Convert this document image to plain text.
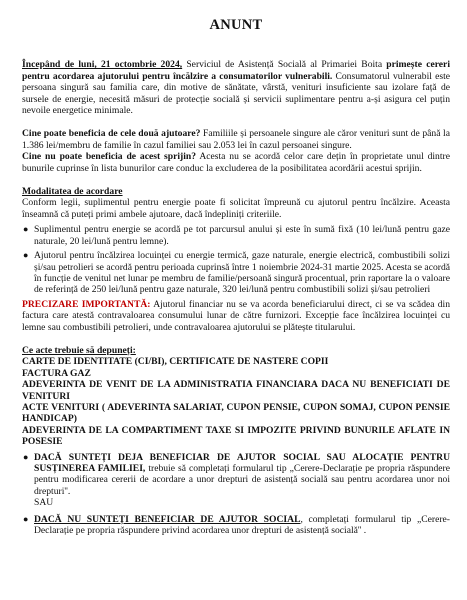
ANUNT

Începând de luni, 21 octombrie 2024, Serviciul de Asistență Socială al Primariei Boita primește cereri pentru acordarea ajutorului pentru încălzire a consumatorilor vulnerabili. Consumatorul vulnerabil este persoana singură sau familia care, din motive de sănătate, vârstă, venituri insuficiente sau izolare față de sursele de energie, necesită măsuri de protecție socială și servicii suplimentare pentru a-și asigura cel puțin nevoile energetice minimale.

Cine poate beneficia de cele două ajutoare? Familiile și persoanele singure ale căror venituri sunt de până la 1.386 lei/membru de familie în cazul familiei sau 2.053 lei în cazul persoanei singure.

Cine nu poate beneficia de acest sprijin? Acesta nu se acordă celor care dețin în proprietate unul dintre bunurile cuprinse în lista bunurilor care conduc la excluderea de la posibilitatea acordării acestui sprijin.

Modalitatea de acordare

Conform legii, suplimentul pentru energie poate fi solicitat împreună cu ajutorul pentru încălzire. Aceasta înseamnă că puteți primi ambele ajutoare, dacă îndepliniți criteriile.

● Suplimentul pentru energie se acordă pe tot parcursul anului și este în sumă fixă (10 lei/lună pentru gaze naturale, 20 lei/lună pentru lemne).
● Ajutorul pentru încălzirea locuinței cu energie termică, gaze naturale, energie electrică, combustibili solizi și/sau petrolieri se acordă pentru perioada cuprinsă între 1 noiembrie 2024-31 martie 2025. Acesta se acordă în funcție de venitul net lunar pe membru de familie/persoană singură procentual, prin raportare la o valoare de referință de 250 lei/lună pentru gaze naturale, 320 lei/lună pentru combustibili solizi și/sau petrolieri

PRECIZARE IMPORTANTĂ: Ajutorul financiar nu se va acorda beneficiarului direct, ci se va scădea din factura care atestă contravaloarea consumului lunar de către furnizori. Excepție face încălzirea locuinței cu lemne sau combustibili petrolieri, unde contravaloarea ajutorului se plătește titularului.

Ce acte trebuie să depuneți:

CARTE DE IDENTITATE (CI/BI), CERTIFICATE DE NASTERE COPII

FACTURA GAZ

ADEVERINTA DE VENIT DE LA ADMINISTRATIA FINANCIARA DACA NU BENEFICIATI DE VENITURI

ACTE VENITURI ( ADEVERINTA SALARIAT, CUPON PENSIE, CUPON SOMAJ, CUPON PENSIE HANDICAP)

ADEVERINTA DE LA COMPARTIMENT TAXE SI IMPOZITE PRIVIND BUNURILE AFLATE IN POSESIE

● DACĂ SUNTEȚI DEJA BENEFICIAR DE AJUTOR SOCIAL SAU ALOCAȚIE PENTRU SUSȚINEREA FAMILIEI, trebuie să completați formularul tip „Cerere-Declarație pe propria răspundere pentru modificarea cererii de acordare a unor drepturi de asistență socială sau pentru acordarea unor noi drepturi''.
SAU
● DACĂ NU SUNTEȚI BENEFICIAR DE AJUTOR SOCIAL, completați formularul tip „Cerere-Declarație pe propria răspundere privind acordarea unor drepturi de asistență socială'' .
